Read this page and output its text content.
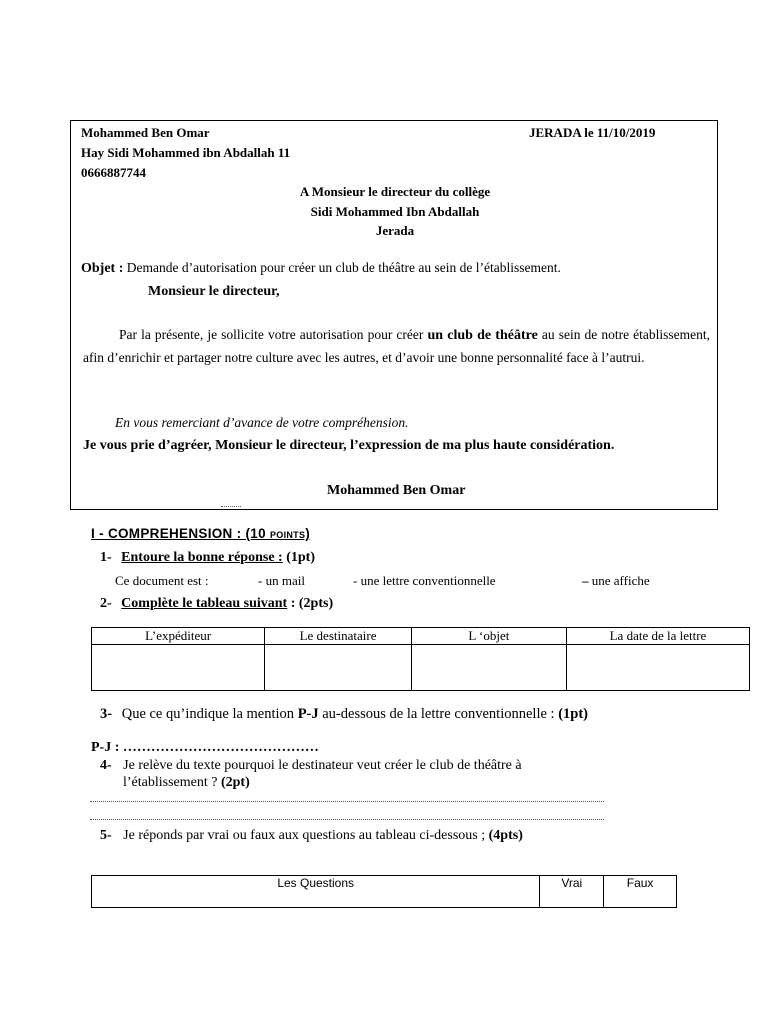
Mohammed Ben Omar
Hay Sidi Mohammed ibn Abdallah 11
0666887744
JERADA le 11/10/2019
A Monsieur le directeur du collège
Sidi Mohammed Ibn Abdallah
Jerada
Objet : Demande d’autorisation pour créer un club de théâtre au sein de l’établissement.
Monsieur le directeur,
Par la présente, je sollicite votre autorisation pour créer un club de théâtre au sein de notre établissement, afin d’enrichir et partager notre culture avec les autres, et d’avoir une bonne personnalité face à l’autrui.
En vous remerciant d’avance de votre compréhension.
Je vous prie d’agréer, Monsieur le directeur, l’expression de ma plus haute considération.
Mohammed Ben Omar
I - COMPREHENSION : (10 points)
1- Entoure la bonne réponse : (1pt)
Ce document est :	- un mail	- une lettre conventionnelle	– une affiche
2- Complète le tableau suivant : (2pts)
L’expéditeur	Le destinataire	L ‘objet	La date de la lettre

3- Que ce qu’indique la mention P-J au-dessous de la lettre conventionnelle : (1pt)
P-J : ……………………………………
4- Je relève du texte pourquoi le destinateur veut créer le club de théâtre à
l’établissement ? (2pt)
5- Je réponds par vrai ou faux aux questions au tableau ci-dessous ; (4pts)
Les Questions	Vrai	Faux
